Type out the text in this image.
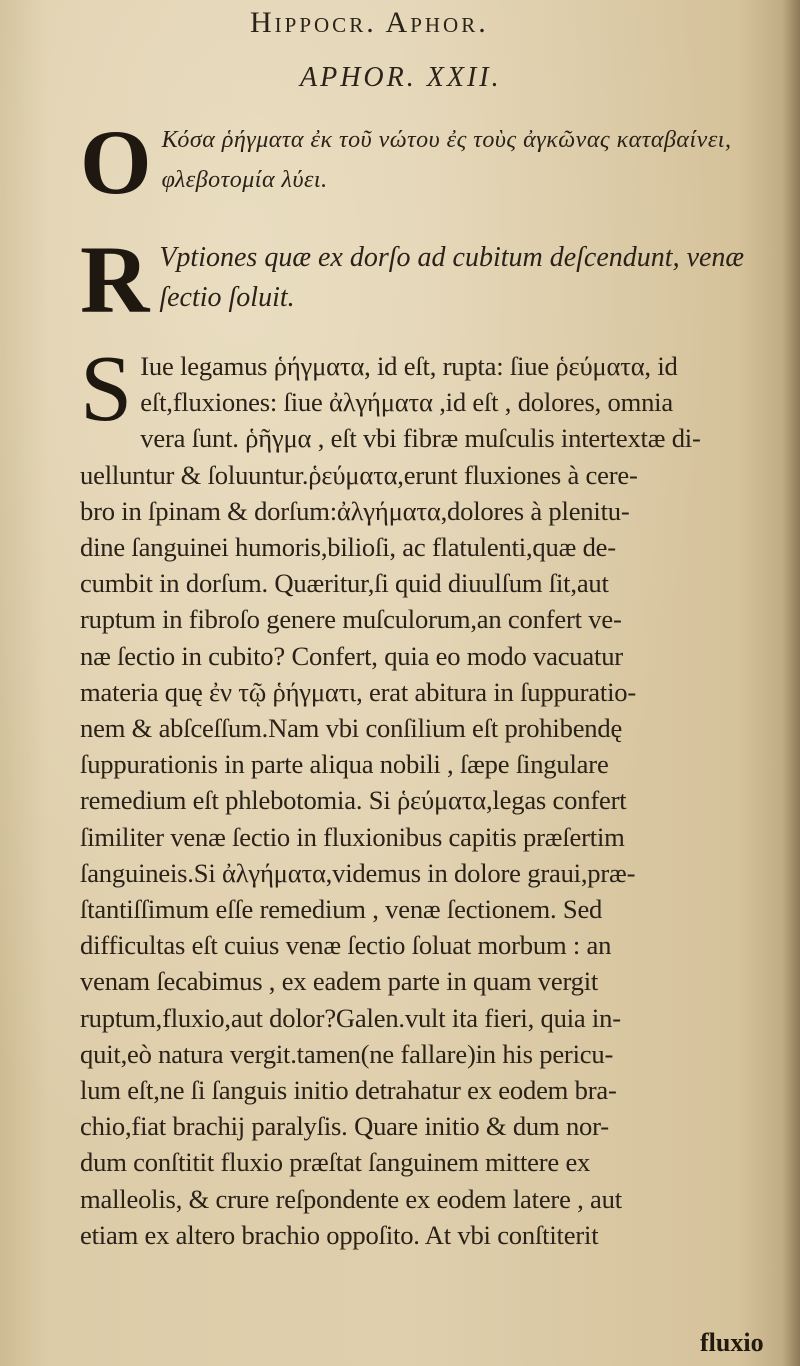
Hippocr. Aphor.
APHOR. XXII.
O Κόσα ῥήγματα ἐκ τοῦ νώτου ἐς τοὺς ἀγκῶνας καταβαίνει,
φλεβοτομία λύει.
R Vptiones quæ ex dorſo ad cubitum deſcendunt, venæ
ſectio ſoluit.
S Iue legamus ῥήγματα, id eſt, rupta: ſiue ῥεύματα, id
eſt,fluxiones: ſiue ἀλγήματα ,id eſt , dolores, omnia
vera ſunt. ῥῆγμα , eſt vbi fibræ muſculis intertextæ di-
uelluntur & ſoluuntur.ῥεύματα,erunt fluxiones à cere-
bro in ſpinam & dorſum:ἀλγήματα,dolores à plenitu-
dine ſanguinei humoris,bilioſi, ac flatulenti,quæ de-
cumbit in dorſum. Quæritur,ſi quid diuulſum ſit,aut
ruptum in fibroſo genere muſculorum,an confert ve-
næ ſectio in cubito? Confert, quia eo modo vacuatur
materia quę ἐν τῷ ῥήγματι, erat abitura in ſuppuratio-
nem & abſceſſum.Nam vbi conſilium eſt prohibendę
ſuppurationis in parte aliqua nobili , ſæpe ſingulare
remedium eſt phlebotomia. Si ῥεύματα,legas confert
ſimiliter venæ ſectio in fluxionibus capitis præſertim
ſanguineis.Si ἀλγήματα,videmus in dolore graui,præ-
ſtantiſſimum eſſe remedium , venæ ſectionem. Sed
difficultas eſt cuius venæ ſectio ſoluat morbum : an
venam ſecabimus , ex eadem parte in quam vergit
ruptum,fluxio,aut dolor?Galen.vult ita fieri, quia in-
quit,eò natura vergit.tamen(ne fallare)in his pericu-
lum eſt,ne ſi ſanguis initio detrahatur ex eodem bra-
chio,fiat brachij paralyſis. Quare initio & dum nor-
dum conſtitit fluxio præſtat ſanguinem mittere ex
malleolis, & crure reſpondente ex eodem latere , aut
etiam ex altero brachio oppoſito. At vbi conſtiterit
fluxio
